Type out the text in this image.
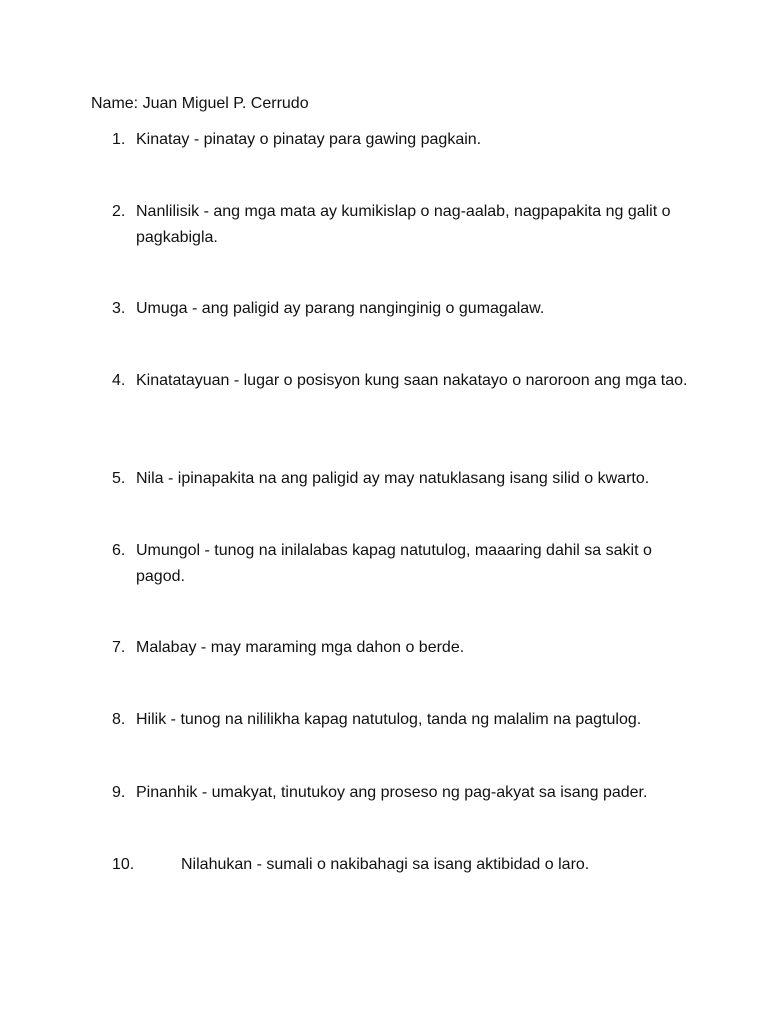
Name: Juan Miguel P. Cerrudo
1. Kinatay - pinatay o pinatay para gawing pagkain.
2. Nanlilisik - ang mga mata ay kumikislap o nag-aalab, nagpapakita ng galit o pagkabigla.
3. Umuga - ang paligid ay parang nanginginig o gumagalaw.
4. Kinatatayuan - lugar o posisyon kung saan nakatayo o naroroon ang mga tao.
5. Nila - ipinapakita na ang paligid ay may natuklasang isang silid o kwarto.
6. Umungol - tunog na inilalabas kapag natutulog, maaaring dahil sa sakit o pagod.
7. Malabay - may maraming mga dahon o berde.
8. Hilik - tunog na nililikha kapag natutulog, tanda ng malalim na pagtulog.
9. Pinanhik - umakyat, tinutukoy ang proseso ng pag-akyat sa isang pader.
10.	Nilahukan - sumali o nakibahagi sa isang aktibidad o laro.
